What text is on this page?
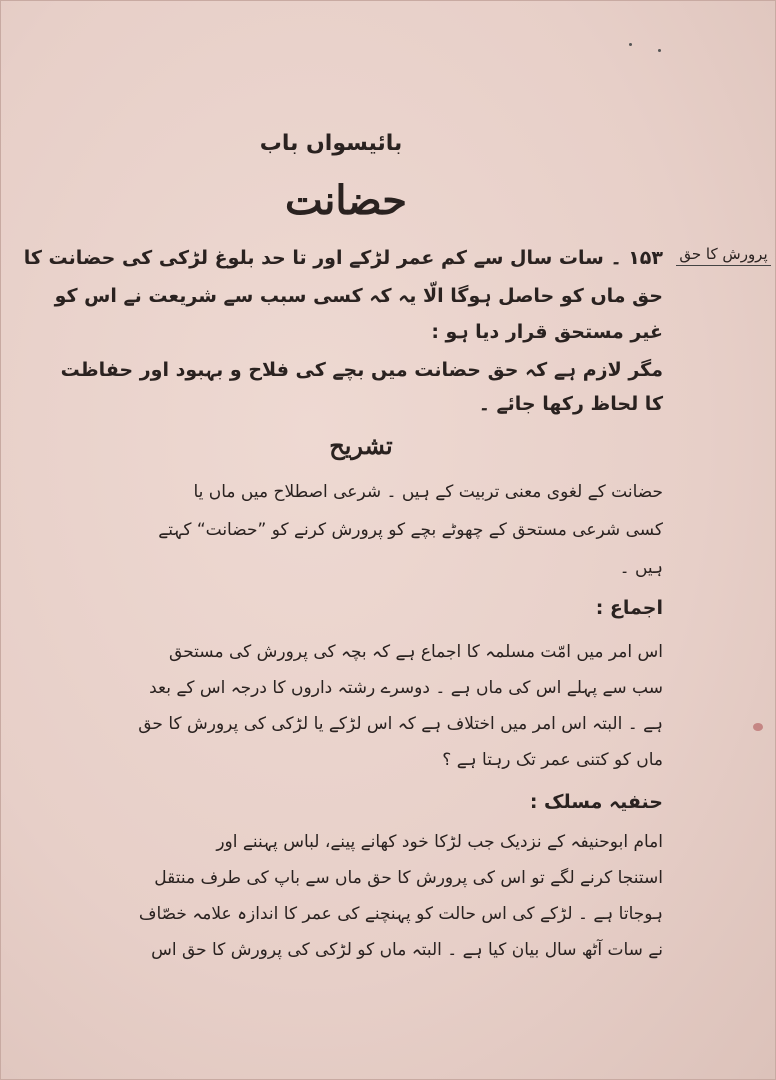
بائیسواں باب
حضانت
پرورش کا حق
۱۵۳ ۔ سات سال سے کم عمر لڑکے اور تا حد بلوغ لڑکی کی حضانت کا
حق ماں کو حاصل ہوگا الّا یہ کہ کسی سبب سے شریعت نے اس کو
غیر مستحق قرار دیا ہو :
مگر لازم ہے کہ حق حضانت میں بچے کی فلاح و بہبود اور حفاظت
کا لحاظ رکھا جائے ۔
تشریح
حضانت کے لغوی معنی تربیت کے ہیں ۔ شرعی اصطلاح میں ماں یا
کسی شرعی مستحق کے چھوٹے بچے کو پرورش کرنے کو ”حضانت“ کہتے
ہیں ۔
اجماع :
اس امر میں امّت مسلمہ کا اجماع ہے کہ بچہ کی پرورش کی مستحق
سب سے پہلے اس کی ماں ہے ۔ دوسرے رشتہ داروں کا درجہ اس کے بعد
ہے ۔ البتہ اس امر میں اختلاف ہے کہ اس لڑکے یا لڑکی کی پرورش کا حق
ماں کو کتنی عمر تک رہتا ہے ؟
حنفیہ مسلک :
امام ابوحنیفہ کے نزدیک جب لڑکا خود کھانے پینے، لباس پہننے اور
استنجا کرنے لگے تو اس کی پرورش کا حق ماں سے باپ کی طرف منتقل
ہوجاتا ہے ۔ لڑکے کی اس حالت کو پہنچنے کی عمر کا اندازہ علامہ خصّاف
نے سات آٹھ سال بیان کیا ہے ۔ البتہ ماں کو لڑکی کی پرورش کا حق اس
